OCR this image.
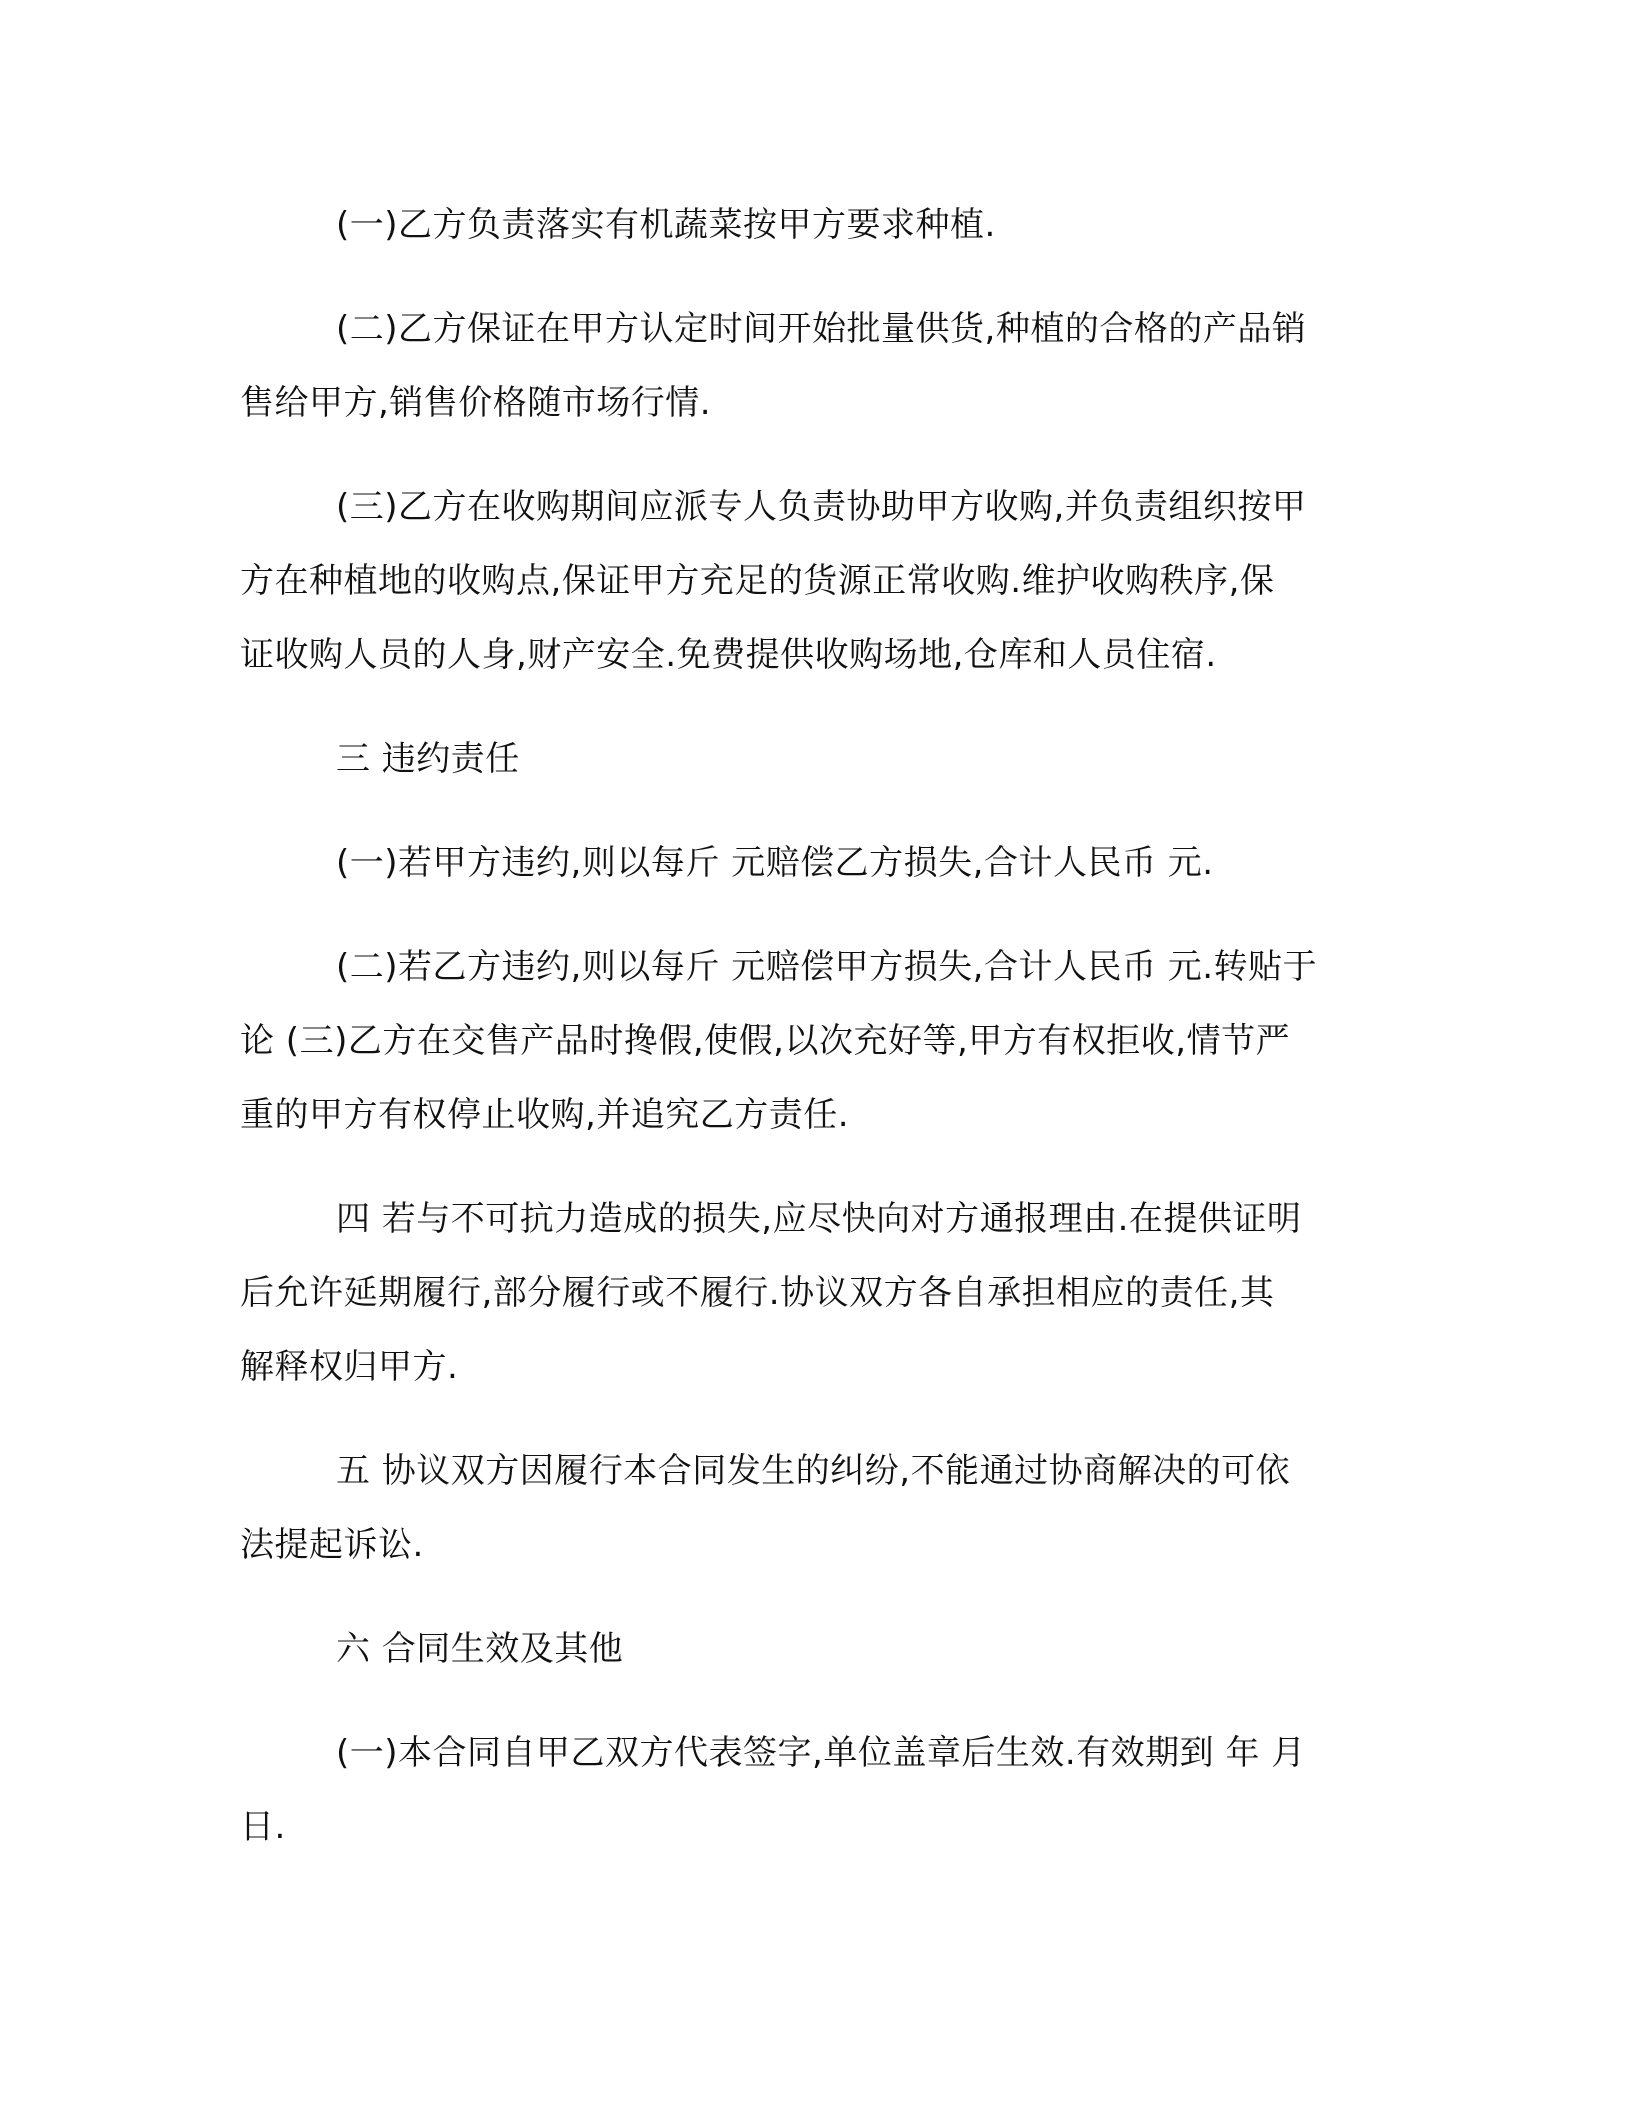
(一)乙方负责落实有机蔬菜按甲方要求种植.
(二)乙方保证在甲方认定时间开始批量供货,种植的合格的产品销
售给甲方,销售价格随市场行情.
(三)乙方在收购期间应派专人负责协助甲方收购,并负责组织按甲
方在种植地的收购点,保证甲方充足的货源正常收购.维护收购秩序,保
证收购人员的人身,财产安全.免费提供收购场地,仓库和人员住宿.
三 违约责任
(一)若甲方违约,则以每斤 元赔偿乙方损失,合计人民币 元.
(二)若乙方违约,则以每斤 元赔偿甲方损失,合计人民币 元.转贴于
论 (三)乙方在交售产品时搀假,使假,以次充好等,甲方有权拒收,情节严
重的甲方有权停止收购,并追究乙方责任.
四 若与不可抗力造成的损失,应尽快向对方通报理由.在提供证明
后允许延期履行,部分履行或不履行.协议双方各自承担相应的责任,其
解释权归甲方.
五 协议双方因履行本合同发生的纠纷,不能通过协商解决的可依
法提起诉讼.
六 合同生效及其他
(一)本合同自甲乙双方代表签字,单位盖章后生效.有效期到 年 月
日.
